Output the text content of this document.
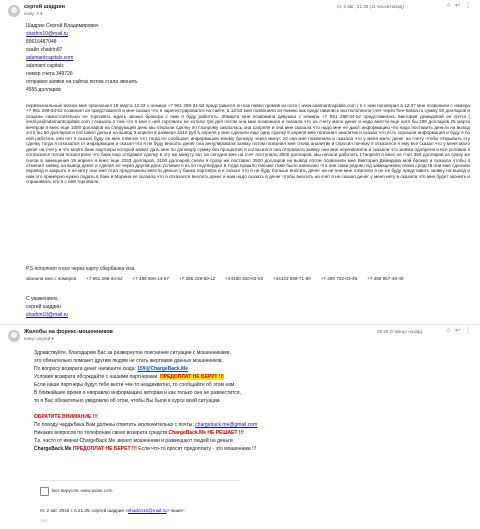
сергей шадрин
кому: я ▾
пт, 2 авг., 21:35 (11 часов назад)	☆ ↩ ⋮
Шадрин Сергей Владимирович
shadrin10@mail.ru
89616487048
скайп shadrin87
adamantcapitals.com
adamant capitals
номер счета 349726
отправил заявки на сайтах потом стали звонить
4555 долларов
первоначальный звонок мне произошел 18 марта 12:33 с номера +7 961 298-34-52 представился он как павел громов из гюта ( www.adamantcapitals.com ) я с ним поговорил в 12:37 мне позвонили с номера +7 961 298-34-52 позвонил он представился и мне сказал что я зарегистрировался на сайте, в 12:53 мне позвонили он помню как представились мы пополнили счет через free-kassa.ru сумму 50 долларов и сказали самостоятельно не торговать ждать звонка брокера с ним я буду работать. 20марта мне позвонила девушка с номера +7 961 298-34-52 представилась виктория демидовой ее почта ( ieezkya@adamantcapitals.com ) сказала о том что я мне с ней торговать не хотели три дня потом она мне позвонила и сказала что на счету мало денег и надо внести еще хотя бы 200 долларов 25 марта вечером я внес еще 1000 долларов на следующей день мы открыли сделку по Газпрому закрылась она 1апреля и она мне сказала что надо мне не дают информацию что надо поставить деньги на вывод хотя бы 50 долларов я поставил деньги на вывод 3 апреля в размере 3210 руб 5 апреля у мне сделали еще одну сделку 9 апреля мне позвонил аналитик и сказал что есть хорошая информация и буду я по ней работать или нет я сказал буду он мне ответил что тогда он сообщает информацию моему брокеру через минут 20 она мне позвонила и сказала что у меня мало денег на счету чтобы открывать эту сделку тогда я отказался от информации и сказал что я не буду вносить денег она аннулировала заявку потом позвонил мне снова аналитик и спросил почему я отказался я ему все сказал что у меня мало денег на счету и что моего банк партнеры которой может дать мне по договору сумму без процентов я согласился она отправила заявку они мне перезвонили и сказали что заявка одобрена и все условия я согласился потом посмотрели что банк еще отправил сделку в эту же минуту вот на сегодня мне на счет поступило 3500 долларов, мы начали работать 17апреля я внес на счет 350 долларов из сразу же сняли в замещения 19 апреля я внес еще 3153 долларов, 3150 долларов сняли я сразу же поставил 3500 долларов на вывод потом позвонили мне Виктория Демидова мой брокер и сказала чтобы я отменил заявку на вывод денег и сделал ее через другой день условия я из по подтвердил в тогда пришло письмо тоже было написано что они сами рядом под замещением своих средств они мне сделали перевод и закрыть я не могу они мне отил предложили внести деньги у банка партнёра и я сказал что я не буду больше вносить денег на не они мне ответили я не не буду представить заявку на вывод и нам это примерно нужно подать в банк и Марина ее сказала что я отказался вносить денег и нам надо сказать в денег чтобы вносить на счет я не сказал денег у меня нету и сказала что мне будет звонить и спрашивать кто я с ней торговали.
Р.S пополнял я все через карту сбербанка visa
звонили мне с номеров +7 961 298-34-52 +7 499 609-14-67 +7 395 229-80-12 +44150 320-63-03 +44123 569-71-80 +7 499 703-03-46 +7 495 957-49-49
С уважением,
сергей шадрин
shadrin10@mail.ru
Жалобы на форекс-мошенников
кому: сергей ▾
09:20 (0 минут назад)	☆ ↩ ⋮
Здравствуйте, благодарим Вас за развернутое пояснение ситуации с мошенниками,
это обязательно поможет другим людям не стать жертвами данных мошенников.
По вопросу возврата денег напишите сюда: 159@ChargeBack.Me
Условия возврата обсуждайте с нашими партнерами. ПРЕДОПЛАТ НЕ БЕРУТ !!!
Если наши партнеры будут тебе вести чек-то неадекватно, то сообщайте об этом нам.
В ближайшее время я направлю информацию авторам и как только она не разместится,
то я Вас обязательно уведомлю об этом, чтобы Вы были в курсе всей ситуации.
ОБРАТИТЕ ВНИМАНИЕ !!!
По поводу чарджбека Вам должны ответить исключительно с почты: chargeback.me@gmail.com
Никаких вопросов по телефонам своих возврата средств ChargeBack.Me НЕ РЕШАЕТ !!!
Т.к. часто от имени ChargeBack Me звонят мошенники и размещают людей на деньги
ChargeBack.Me ПРЕДОПЛАТ НЕ БЕРЕТ !!! Если что-то просят предоплату - это мошенники !!!
Без вирусов. www.avast.com
пт, 2 авг. 2019 г. в 21:35, сергей шадрин <shadrin10@mail.ru> пишет:
···
